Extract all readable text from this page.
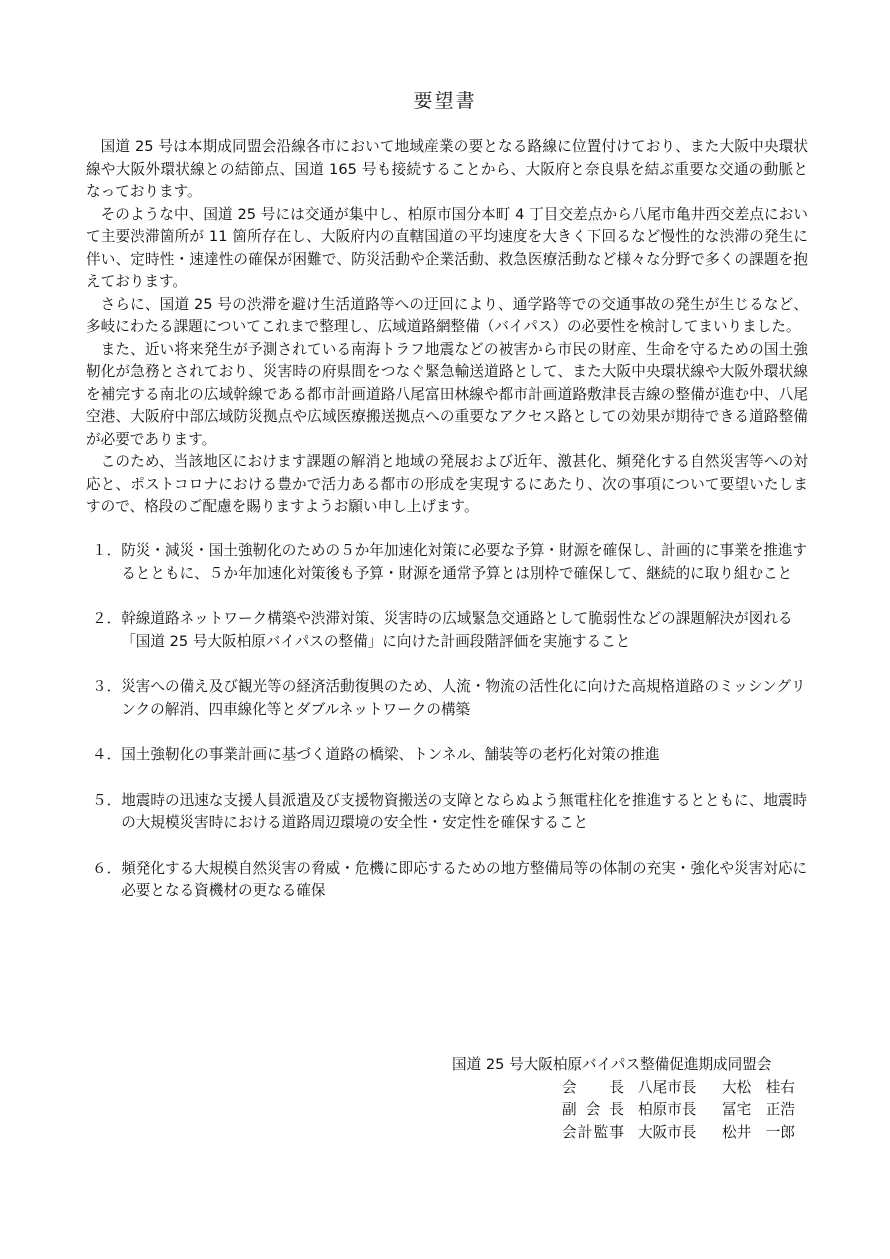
要望書

国道 25 号は本期成同盟会沿線各市において地域産業の要となる路線に位置付けており、また大阪中央環状線や大阪外環状線との結節点、国道 165 号も接続することから、大阪府と奈良県を結ぶ重要な交通の動脈となっております。

そのような中、国道 25 号には交通が集中し、柏原市国分本町 4 丁目交差点から八尾市亀井西交差点において主要渋滞箇所が 11 箇所存在し、大阪府内の直轄国道の平均速度を大きく下回るなど慢性的な渋滞の発生に伴い、定時性・速達性の確保が困難で、防災活動や企業活動、救急医療活動など様々な分野で多くの課題を抱えております。

さらに、国道 25 号の渋滞を避け生活道路等への迂回により、通学路等での交通事故の発生が生じるなど、多岐にわたる課題についてこれまで整理し、広域道路網整備（バイパス）の必要性を検討してまいりました。

また、近い将来発生が予測されている南海トラフ地震などの被害から市民の財産、生命を守るための国土強靭化が急務とされており、災害時の府県間をつなぐ緊急輸送道路として、また大阪中央環状線や大阪外環状線を補完する南北の広域幹線である都市計画道路八尾富田林線や都市計画道路敷津長吉線の整備が進む中、八尾空港、大阪府中部広域防災拠点や広域医療搬送拠点への重要なアクセス路としての効果が期待できる道路整備が必要であります。

このため、当該地区におけます課題の解消と地域の発展および近年、激甚化、頻発化する自然災害等への対応と、ポストコロナにおける豊かで活力ある都市の形成を実現するにあたり、次の事項について要望いたしますので、格段のご配慮を賜りますようお願い申し上げます。

１． 防災・減災・国土強靭化のための５か年加速化対策に必要な予算・財源を確保し、計画的に事業を推進するとともに、５か年加速化対策後も予算・財源を通常予算とは別枠で確保して、継続的に取り組むこと
２． 幹線道路ネットワーク構築や渋滞対策、災害時の広域緊急交通路として脆弱性などの課題解決が図れる「国道 25 号大阪柏原バイパスの整備」に向けた計画段階評価を実施すること
３． 災害への備え及び観光等の経済活動復興のため、人流・物流の活性化に向けた高規格道路のミッシングリンクの解消、四車線化等とダブルネットワークの構築
４． 国土強靭化の事業計画に基づく道路の橋梁、トンネル、舗装等の老朽化対策の推進
５． 地震時の迅速な支援人員派遣及び支援物資搬送の支障とならぬよう無電柱化を推進するとともに、地震時の大規模災害時における道路周辺環境の安全性・安定性を確保すること
６． 頻発化する大規模自然災害の脅威・危機に即応するための地方整備局等の体制の充実・強化や災害対応に必要となる資機材の更なる確保
国道 25 号大阪柏原バイパス整備促進期成同盟会
会長 八尾市長	大松　桂右
副会長 柏原市長	冨宅　正浩
会計監事 大阪市長	松井　一郎
